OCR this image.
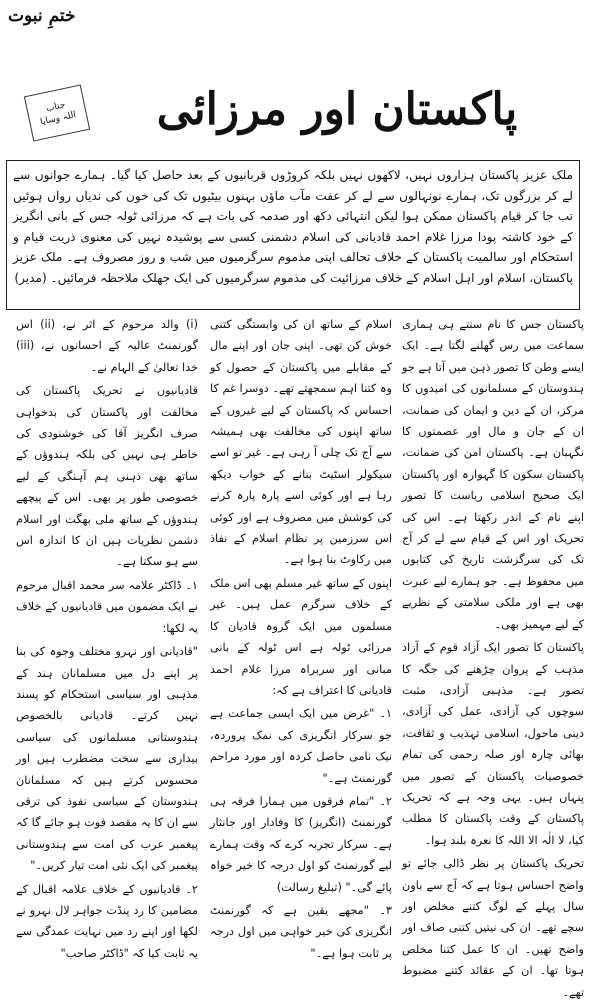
ختمِ نبوت
جناب
اللہ وسایا	پاکستان اور مرزائی
ملک عزیز پاکستان ہزاروں نہیں، لاکھوں نہیں بلکہ کروڑوں قربانیوں کے بعد حاصل کیا گیا۔ ہمارے جوانوں سے لے کر بزرگوں تک، ہمارے نونہالوں سے لے کر عفت مآب ماؤں بہنوں بیٹیوں تک کی خون کی ندیاں رواں ہوئیں تب جا کر قیام پاکستان ممکن ہوا لیکن انتہائی دکھ اور صدمہ کی بات ہے کہ مرزائی ٹولہ جس کے بانی انگریز کے خود کاشتہ پودا مرزا غلام احمد قادیانی کی اسلام دشمنی کسی سے پوشیدہ نہیں کی معنوی ذریت قیام و استحکام اور سالمیت پاکستان کے خلاف تحالف اپنی مذموم سرگرمیوں میں شب و روز مصروف ہے۔ ملک عزیز پاکستان، اسلام اور اہل اسلام کے خلاف مرزائیت کی مذموم سرگرمیوں کی ایک جھلک ملاحظہ فرمائیں۔ (مدیر)

پاکستان جس کا نام سنتے ہی ہماری سماعت میں رس گھلنے لگتا ہے۔ ایک ایسے وطن کا تصور ذہن میں آتا ہے جو ہندوستان کے مسلمانوں کی امیدوں کا مرکز، ان کے دین و ایمان کی ضمانت، ان کے جان و مال اور عصمتوں کا نگہبان ہے۔ پاکستان امن کی ضمانت، پاکستان سکون کا گہوارہ اور پاکستان ایک صحیح اسلامی ریاست کا تصور اپنے نام کے اندر رکھتا ہے۔ اس کی تحریک اور اس کے قیام سے لے کر آج تک کی سرگزشت تاریخ کی کتابوں میں محفوظ ہے۔ جو ہمارے لیے عبرت بھی ہے اور ملکی سلامتی کے نظریے کے لیے مہمیز بھی۔

پاکستان کا تصور ایک آزاد قوم کے آزاد مذہب کے پروان چڑھنے کی جگہ کا تصور ہے۔ مذہبی آزادی، مثبت سوچوں کی آزادی، عمل کی آزادی، دینی ماحول، اسلامی تہذیب و ثقافت، بھائی چارہ اور صلہ رحمی کی تمام خصوصیات پاکستان کے تصور میں پنہاں ہیں۔ یہی وجہ ہے کہ تحریک پاکستان کے وقت پاکستان کا مطلب کیا، لا الٰہ الا اللہ کا نعرہ بلند ہوا۔

تحریک پاکستان پر نظر ڈالی جائے تو واضح احساس ہوتا ہے کہ آج سے باون سال پہلے کے لوگ کتنے مخلص اور سچے تھے۔ ان کی نیتیں کتنی صاف اور واضح تھیں۔ ان کا عمل کتنا مخلص ہوتا تھا۔ ان کے عقائد کتنے مضبوط تھے۔

اسلام کے ساتھ ان کی وابستگی کتنی خوش کن تھی۔ اپنی جان اور اپنے مال کے مقابلے میں پاکستان کے حصول کو وہ کتنا اہم سمجھتے تھے۔ دوسرا غم کا احساس کہ پاکستان کے لیے غیروں کے ساتھ اپنوں کی مخالفت بھی ہمیشہ سے آج تک چلی آ رہی ہے۔ غیر تو اسے سیکولر اسٹیٹ بنانے کے خواب دیکھ رہا ہے اور کوئی اسے پارہ پارہ کرنے کی کوشش میں مصروف ہے اور کوئی اس سرزمین پر نظام اسلام کے نفاذ میں رکاوٹ بنا ہوا ہے۔

اپنوں کے ساتھ غیر مسلم بھی اس ملک کے خلاف سرگرم عمل ہیں۔ غیر مسلموں میں ایک گروہ قادیان کا مرزائی ٹولہ ہے اس ٹولہ کے بانی مبانی اور سربراہ مرزا غلام احمد قادیانی کا اعتراف ہے کہ:

۱۔ "غرض میں ایک ایسی جماعت ہے جو سرکار انگریزی کی نمک پروردہ، نیک نامی حاصل کردہ اور مورد مراحم گورنمنٹ ہے۔"

۲۔ "تمام فرقوں میں ہمارا فرقہ ہی گورنمنٹ (انگریز) کا وفادار اور جانثار ہے۔ سرکار تجربہ کرے کہ وقت ہمارے لیے گورنمنٹ کو اول درجہ کا خیر خواہ پائے گی۔" (تبلیغ رسالت)

۳۔ "مجھے یقین ہے کہ گورنمنٹ انگریزی کی خیر خواہی میں اول درجہ پر ثابت ہوا ہے۔"

(i) والد مرحوم کے اثر نے، (ii) اس گورنمنٹ عالیہ کے احسانوں نے، (iii) خدا تعالیٰ کے الہام نے۔

قادیانیوں نے تحریک پاکستان کی مخالفت اور پاکستان کی بدخواہی صرف انگریز آقا کی خوشنودی کی خاطر ہی نہیں کی بلکہ ہندوؤں کے ساتھ بھی ذہنی ہم آہنگی کے لیے خصوصی طور پر بھی۔ اس کے پیچھے ہندوؤں کے ساتھ ملی بھگت اور اسلام دشمن نظریات ہیں ان کا اندازہ اس سے ہو سکتا ہے۔

۱۔ ڈاکٹر علامہ سر محمد اقبال مرحوم نے ایک مضمون میں قادیانیوں کے خلاف یہ لکھا:

"قادیانی اور نہرو مختلف وجوہ کی بنا پر اپنے دل میں مسلمانان ہند کے مذہبی اور سیاسی استحکام کو پسند نہیں کرتے۔ قادیانی بالخصوص ہندوستانی مسلمانوں کی سیاسی بیداری سے سخت مضطرب ہیں اور محسوس کرتے ہیں کہ مسلمانان ہندوستان کے سیاسی نفوذ کی ترقی سے ان کا یہ مقصد فوت ہو جائے گا کہ پیغمبر عرب کی امت سے ہندوستانی پیغمبر کی ایک نئی امت تیار کریں۔"

۲۔ قادیانیوں کے خلاف علامہ اقبال کے مضامین کا رد پنڈت جواہر لال نہرو نے لکھا اور اپنے رد میں نہایت عمدگی سے یہ ثابت کیا کہ "ڈاکٹر صاحب"
